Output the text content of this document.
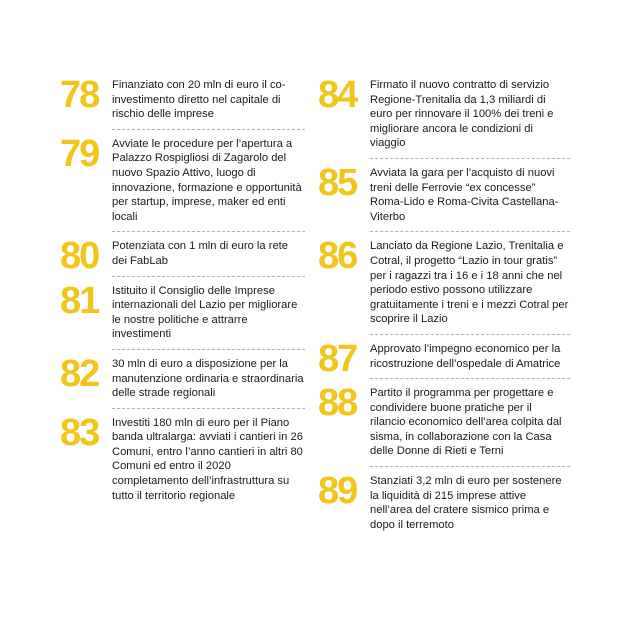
78 Finanziato con 20 mln di euro il co-investimento diretto nel capitale di rischio delle imprese

79 Avviate le procedure per l’apertura a Palazzo Rospigliosi di Zagarolo del nuovo Spazio Attivo, luogo di innovazione, formazione e opportunità per startup, imprese, maker ed enti locali

80 Potenziata con 1 mln di euro la rete dei FabLab

81 Istituito il Consiglio delle Imprese internazionali del Lazio per migliorare le nostre politiche e attrarre investimenti

82 30 mln di euro a disposizione per la manutenzione ordinaria e straordinaria delle strade regionali

83 Investiti 180 mln di euro per il Piano banda ultralarga: avviati i cantieri in 26 Comuni, entro l’anno cantieri in altri 80 Comuni ed entro il 2020 completamento dell’infrastruttura su tutto il territorio regionale

84 Firmato il nuovo contratto di servizio Regione-Trenitalia da 1,3 miliardi di euro per rinnovare il 100% dei treni e migliorare ancora le condizioni di viaggio

85 Avviata la gara per l’acquisto di nuovi treni delle Ferrovie “ex concesse” Roma-Lido e Roma-Civita Castellana-Viterbo

86 Lanciato da Regione Lazio, Trenitalia e Cotral, il progetto “Lazio in tour gratis” per i ragazzi tra i 16 e i 18 anni che nel periodo estivo possono utilizzare gratuitamente i treni e i mezzi Cotral per scoprire il Lazio

87 Approvato l’impegno economico per la ricostruzione dell’ospedale di Amatrice

88 Partito il programma per progettare e condividere buone pratiche per il rilancio economico dell’area colpita dal sisma, in collaborazione con la Casa delle Donne di Rieti e Terni

89 Stanziati 3,2 mln di euro per sostenere la liquidità di 215 imprese attive nell’area del cratere sismico prima e dopo il terremoto
